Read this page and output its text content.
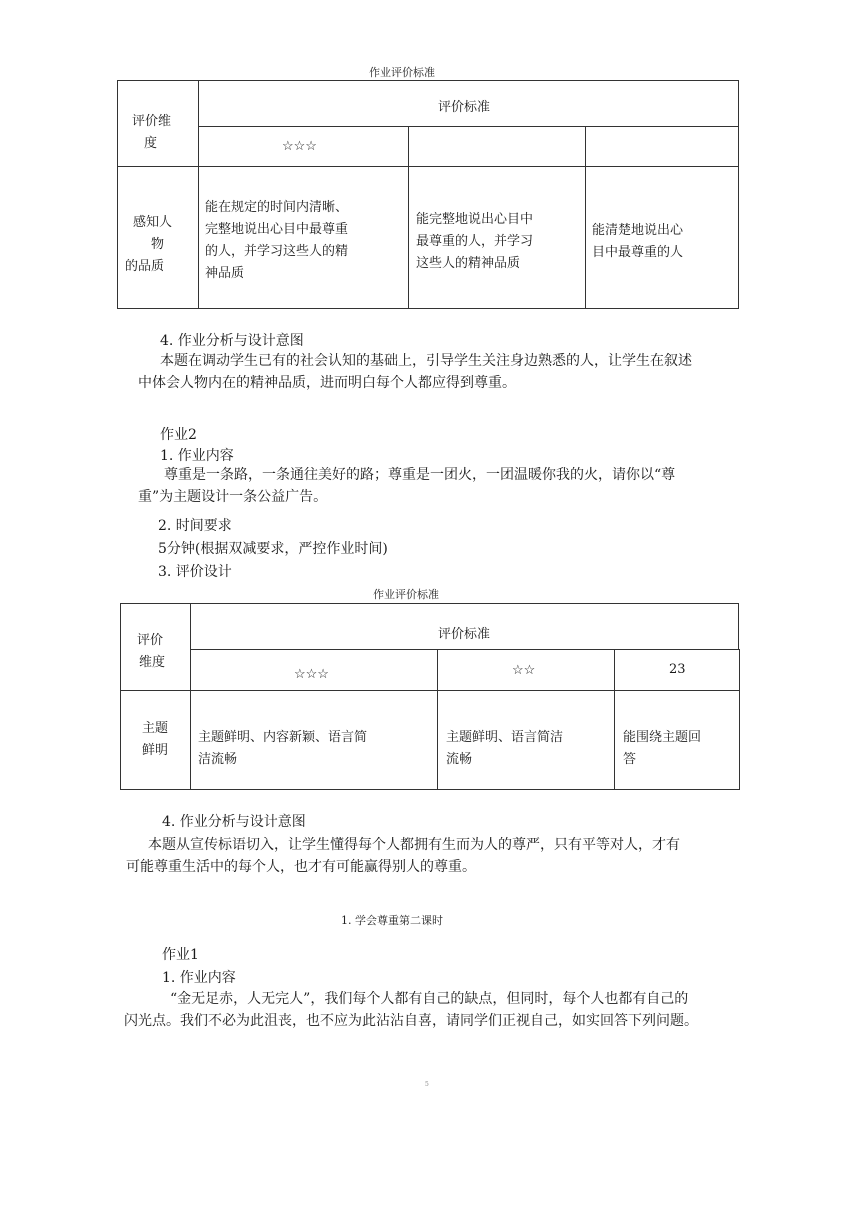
作业评价标准
评价维
度
评价标准
☆☆☆
感知人
物
的品质
能在规定的时间内清晰、
完整地说出心目中最尊重
的人，并学习这些人的精
神品质
能完整地说出心目中
最尊重的人，并学习
这些人的精神品质
能清楚地说出心
目中最尊重的人
4. 作业分析与设计意图
本题在调动学生已有的社会认知的基础上，引导学生关注身边熟悉的人，让学生在叙述
中体会人物内在的精神品质，进而明白每个人都应得到尊重。
作业2
1. 作业内容
尊重是一条路，一条通往美好的路；尊重是一团火，一团温暖你我的火，请你以“尊
重”为主题设计一条公益广告。
2. 时间要求
5分钟(根据双减要求，严控作业时间)
3. 评价设计
作业评价标准
评价
维度
评价标准
☆☆☆	☆☆	23
主题
鲜明
主题鲜明、内容新颖、语言简
洁流畅
主题鲜明、语言简洁
流畅
能围绕主题回
答
4. 作业分析与设计意图
本题从宣传标语切入，让学生懂得每个人都拥有生而为人的尊严，只有平等对人，才有
可能尊重生活中的每个人，也才有可能赢得别人的尊重。
1. 学会尊重第二课时
作业1
1. 作业内容
“金无足赤，人无完人”，我们每个人都有自己的缺点，但同时，每个人也都有自己的
闪光点。我们不必为此沮丧，也不应为此沾沾自喜，请同学们正视自己，如实回答下列问题。
5
